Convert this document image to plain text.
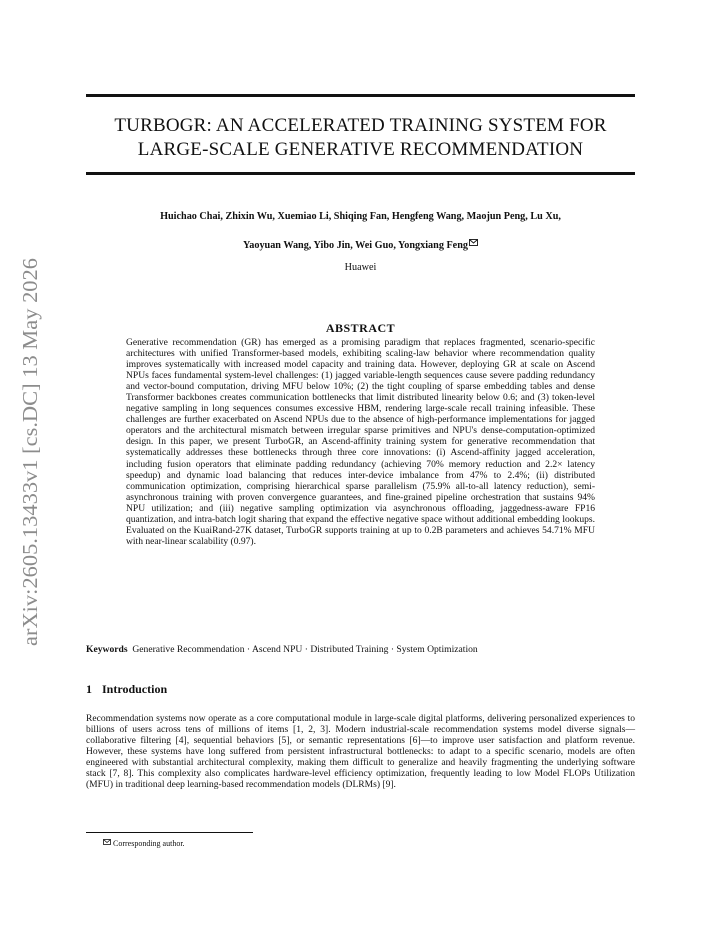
arXiv:2605.13433v1 [cs.DC] 13 May 2026
TURBOGR: AN ACCELERATED TRAINING SYSTEM FOR
LARGE-SCALE GENERATIVE RECOMMENDATION
Huichao Chai, Zhixin Wu, Xuemiao Li, Shiqing Fan, Hengfeng Wang, Maojun Peng, Lu Xu,
Yaoyuan Wang, Yibo Jin, Wei Guo, Yongxiang Feng
Huawei
ABSTRACT

Generative recommendation (GR) has emerged as a promising paradigm that replaces fragmented, scenario-specific architectures with unified Transformer-based models, exhibiting scaling-law behavior where recommendation quality improves systematically with increased model capacity and training data. However, deploying GR at scale on Ascend NPUs faces fundamental system-level challenges: (1) jagged variable-length sequences cause severe padding redundancy and vector-bound computation, driving MFU below 10%; (2) the tight coupling of sparse embedding tables and dense Transformer backbones creates communication bottlenecks that limit distributed linearity below 0.6; and (3) token-level negative sampling in long sequences consumes excessive HBM, rendering large-scale recall training infeasible. These challenges are further exacerbated on Ascend NPUs due to the absence of high-performance implementations for jagged operators and the architectural mismatch between irregular sparse primitives and NPU's dense-computation-optimized design. In this paper, we present TurboGR, an Ascend-affinity training system for generative recommendation that systematically addresses these bottlenecks through three core innovations: (i) Ascend-affinity jagged acceleration, including fusion operators that eliminate padding redundancy (achieving 70% memory reduction and 2.2× latency speedup) and dynamic load balancing that reduces inter-device imbalance from 47% to 2.4%; (ii) distributed communication optimization, comprising hierarchical sparse parallelism (75.9% all-to-all latency reduction), semi-asynchronous training with proven convergence guarantees, and fine-grained pipeline orchestration that sustains 94% NPU utilization; and (iii) negative sampling optimization via asynchronous offloading, jaggedness-aware FP16 quantization, and intra-batch logit sharing that expand the effective negative space without additional embedding lookups. Evaluated on the KuaiRand-27K dataset, TurboGR supports training at up to 0.2B parameters and achieves 54.71% MFU with near-linear scalability (0.97).

Keywords Generative Recommendation · Ascend NPU · Distributed Training · System Optimization
1 Introduction

Recommendation systems now operate as a core computational module in large-scale digital platforms, delivering personalized experiences to billions of users across tens of millions of items [1, 2, 3]. Modern industrial-scale recommendation systems model diverse signals—collaborative filtering [4], sequential behaviors [5], or semantic representations [6]—to improve user satisfaction and platform revenue. However, these systems have long suffered from persistent infrastructural bottlenecks: to adapt to a specific scenario, models are often engineered with substantial architectural complexity, making them difficult to generalize and heavily fragmenting the underlying software stack [7, 8]. This complexity also complicates hardware-level efficiency optimization, frequently leading to low Model FLOPs Utilization (MFU) in traditional deep learning-based recommendation models (DLRMs) [9].

Corresponding author.
